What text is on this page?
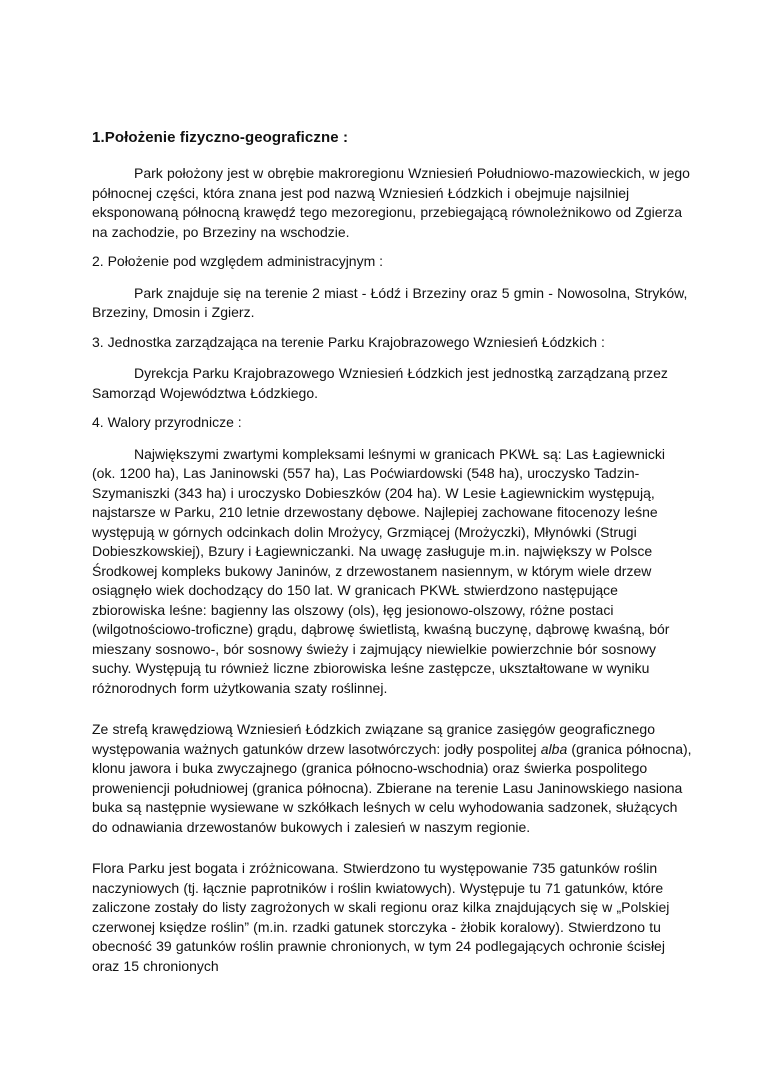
1.Położenie fizyczno-geograficzne :

Park położony jest w obrębie makroregionu Wzniesień Południowo-mazowieckich, w jego północnej części, która znana jest pod nazwą Wzniesień Łódzkich i obejmuje najsilniej eksponowaną północną krawędź tego mezoregionu, przebiegającą równoleżnikowo od Zgierza na zachodzie, po Brzeziny na wschodzie.

2. Położenie pod względem administracyjnym :

Park znajduje się na terenie 2 miast - Łódź i Brzeziny oraz 5 gmin - Nowosolna, Stryków, Brzeziny, Dmosin i Zgierz.

3. Jednostka zarządzająca na terenie Parku Krajobrazowego Wzniesień Łódzkich :

Dyrekcja Parku Krajobrazowego Wzniesień Łódzkich jest jednostką zarządzaną przez Samorząd Województwa Łódzkiego.

4. Walory przyrodnicze :

Największymi zwartymi kompleksami leśnymi w granicach PKWŁ są: Las Łagiewnicki (ok. 1200 ha), Las Janinowski (557 ha), Las Poćwiardowski (548 ha), uroczysko Tadzin-Szymaniszki (343 ha) i uroczysko Dobieszków (204 ha). W Lesie Łagiewnickim występują, najstarsze w Parku, 210 letnie drzewostany dębowe. Najlepiej zachowane fitocenozy leśne występują w górnych odcinkach dolin Mrożycy, Grzmiącej (Mrożyczki), Młynówki (Strugi Dobieszkowskiej), Bzury i Łagiewniczanki. Na uwagę zasługuje m.in. największy w Polsce Środkowej kompleks bukowy Janinów, z drzewostanem nasiennym, w którym wiele drzew osiągnęło wiek dochodzący do 150 lat. W granicach PKWŁ stwierdzono następujące zbiorowiska leśne: bagienny las olszowy (ols), łęg jesionowo-olszowy, różne postaci (wilgotnościowo-troficzne) grądu, dąbrowę świetlistą, kwaśną buczynę, dąbrowę kwaśną, bór mieszany sosnowo-, bór sosnowy świeży i zajmujący niewielkie powierzchnie bór sosnowy suchy. Występują tu również liczne zbiorowiska leśne zastępcze, ukształtowane w wyniku różnorodnych form użytkowania szaty roślinnej.

Ze strefą krawędziową Wzniesień Łódzkich związane są granice zasięgów geograficznego występowania ważnych gatunków drzew lasotwórczych: jodły pospolitej alba (granica północna), klonu jawora i buka zwyczajnego (granica północno-wschodnia) oraz świerka pospolitego proweniencji południowej (granica północna). Zbierane na terenie Lasu Janinowskiego nasiona buka są następnie wysiewane w szkółkach leśnych w celu wyhodowania sadzonek, służących do odnawiania drzewostanów bukowych i zalesień w naszym regionie.

Flora Parku jest bogata i zróżnicowana. Stwierdzono tu występowanie 735 gatunków roślin naczyniowych (tj. łącznie paprotników i roślin kwiatowych). Występuje tu 71 gatunków, które zaliczone zostały do listy zagrożonych w skali regionu oraz kilka znajdujących się w „Polskiej czerwonej księdze roślin” (m.in. rzadki gatunek storczyka - żłobik koralowy). Stwierdzono tu obecność 39 gatunków roślin prawnie chronionych, w tym 24 podlegających ochronie ścisłej oraz 15 chronionych
